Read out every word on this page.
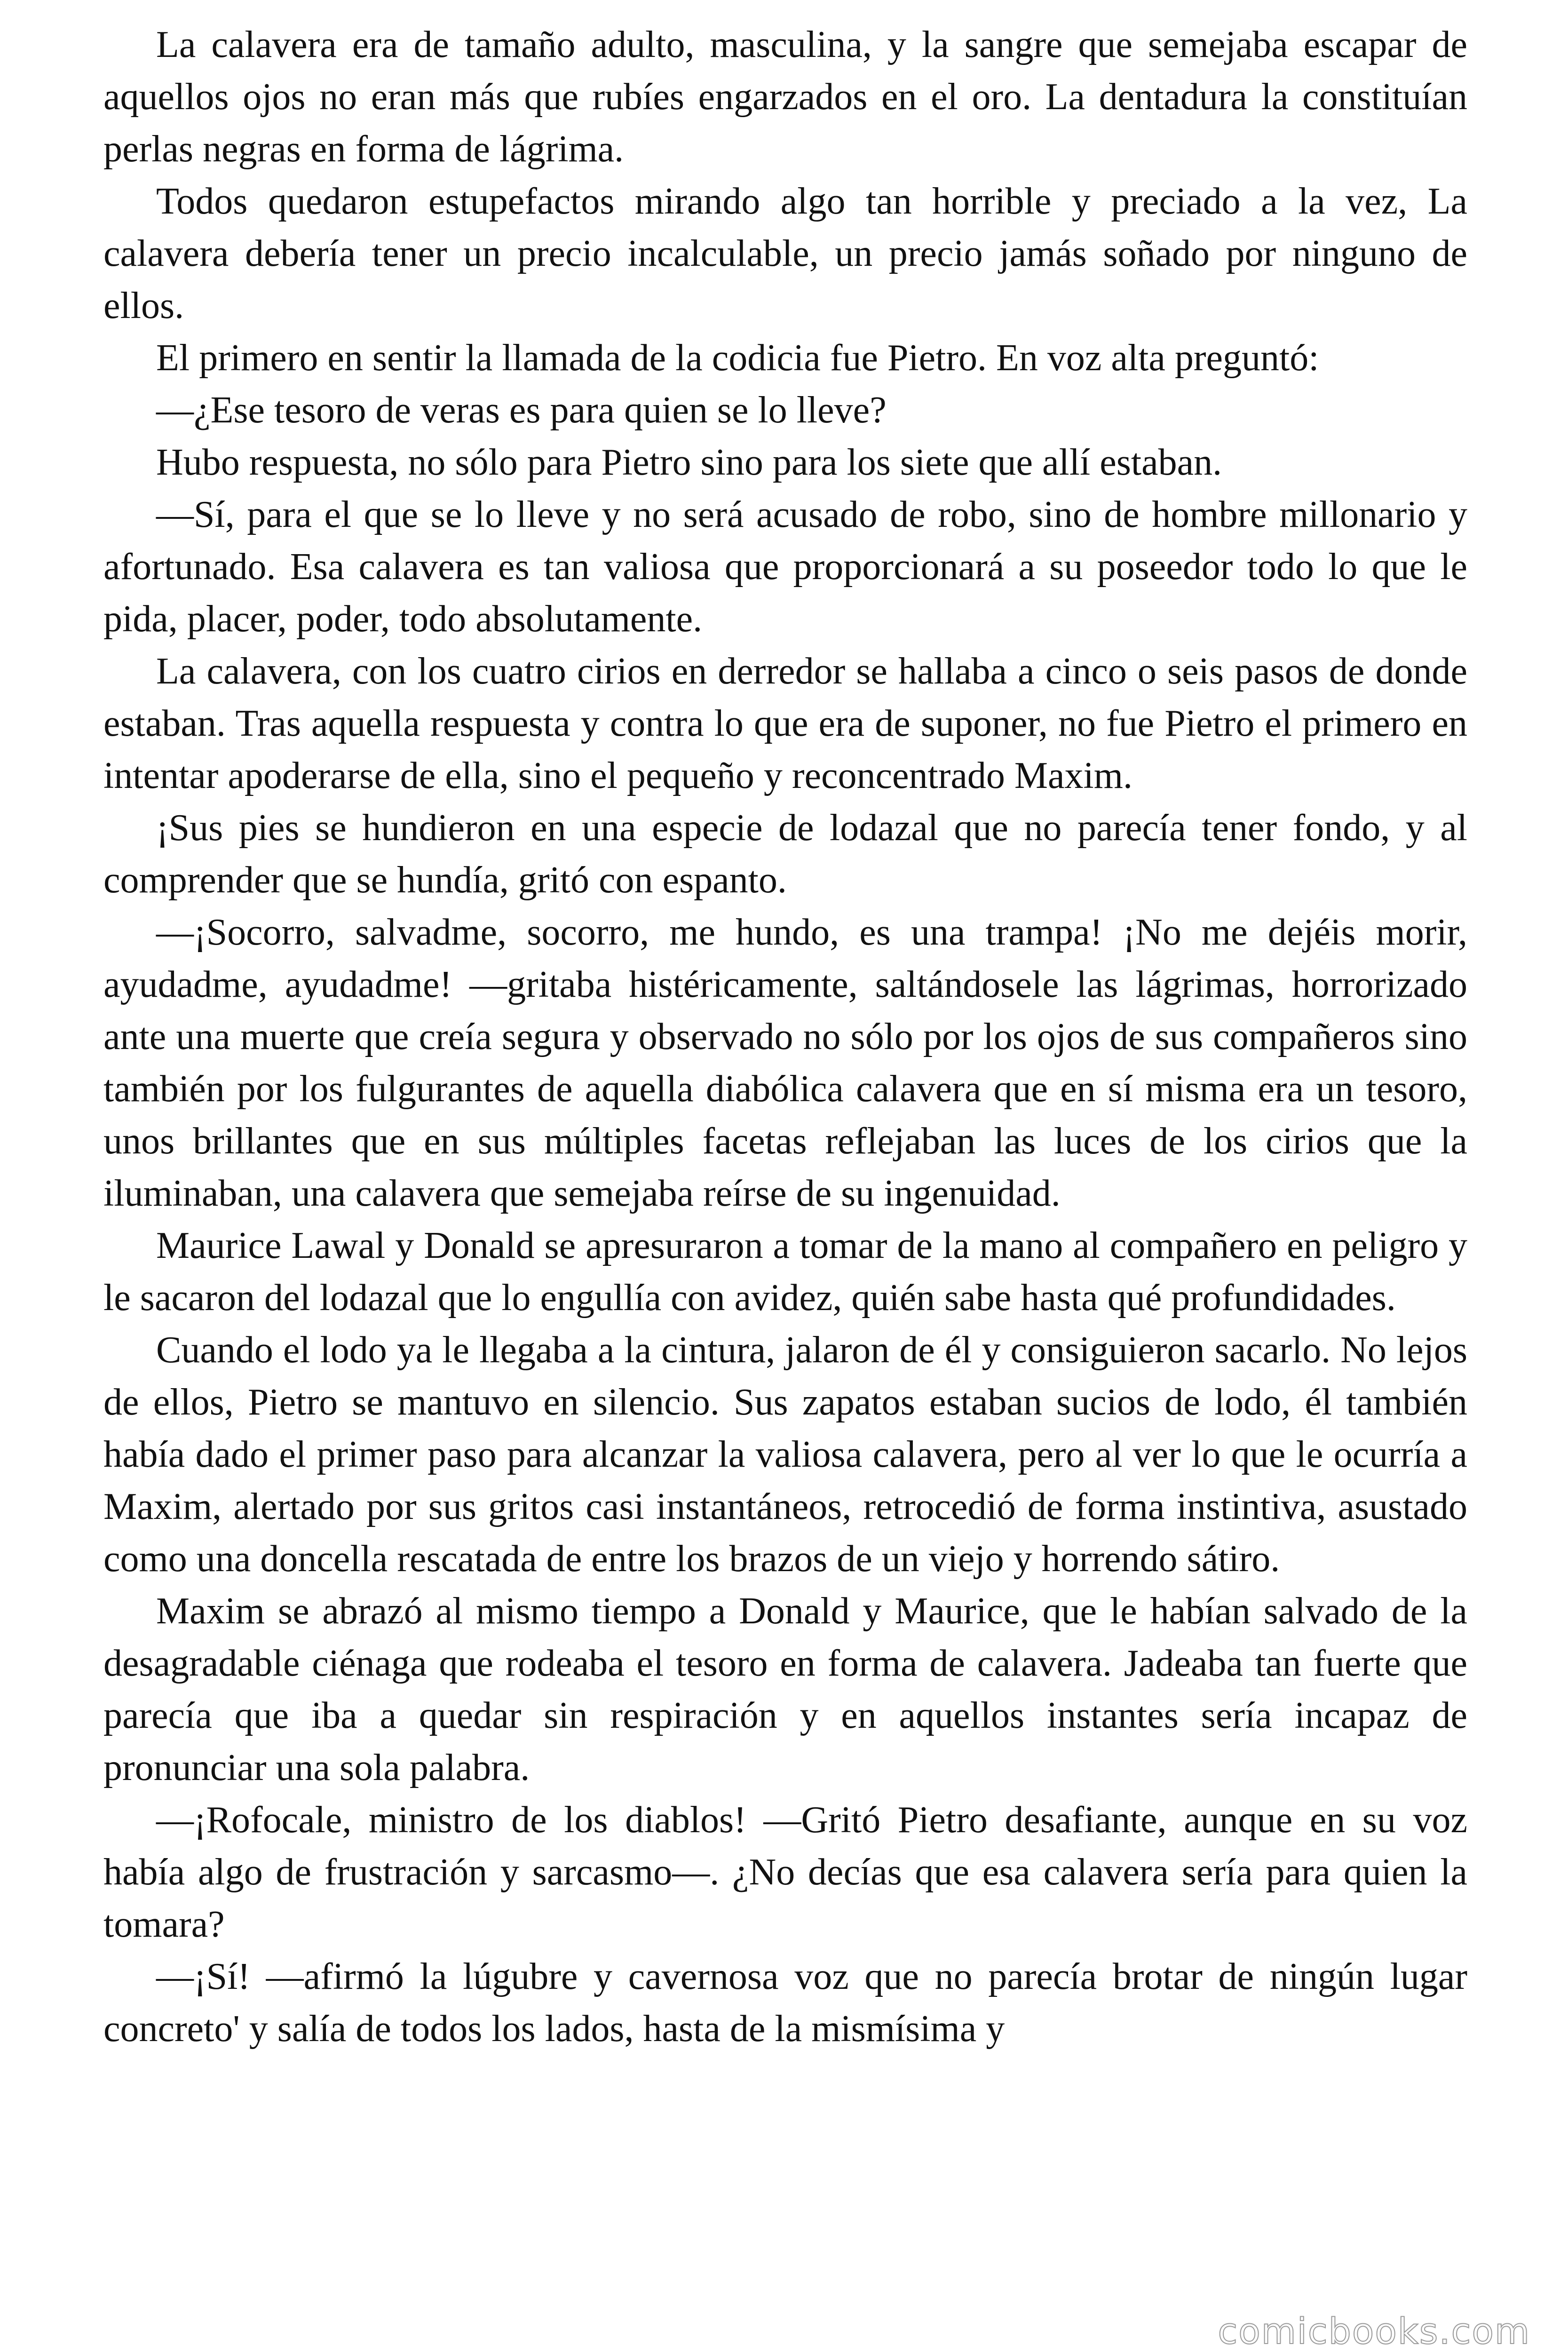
La calavera era de tamaño adulto, masculina, y la sangre que semejaba escapar de aquellos ojos no eran más que rubíes engarzados en el oro. La dentadura la constituían perlas negras en forma de lágrima.

Todos quedaron estupefactos mirando algo tan horrible y preciado a la vez, La calavera debería tener un precio incalculable, un precio jamás soñado por ninguno de ellos.

El primero en sentir la llamada de la codicia fue Pietro. En voz alta preguntó:

—¿Ese tesoro de veras es para quien se lo lleve?

Hubo respuesta, no sólo para Pietro sino para los siete que allí estaban.

—Sí, para el que se lo lleve y no será acusado de robo, sino de hombre millonario y afortunado. Esa calavera es tan valiosa que proporcionará a su poseedor todo lo que le pida, placer, poder, todo absolutamente.

La calavera, con los cuatro cirios en derredor se hallaba a cinco o seis pasos de donde estaban. Tras aquella respuesta y contra lo que era de suponer, no fue Pietro el primero en intentar apoderarse de ella, sino el pequeño y reconcentrado Maxim.

¡Sus pies se hundieron en una especie de lodazal que no parecía tener fondo, y al comprender que se hundía, gritó con espanto.

—¡Socorro, salvadme, socorro, me hundo, es una trampa! ¡No me dejéis morir, ayudadme, ayudadme! —gritaba histéricamente, saltándosele las lágrimas, horrorizado ante una muerte que creía segura y observado no sólo por los ojos de sus compañeros sino también por los fulgurantes de aquella diabólica calavera que en sí misma era un tesoro, unos brillantes que en sus múltiples facetas reflejaban las luces de los cirios que la iluminaban, una calavera que semejaba reírse de su ingenuidad.

Maurice Lawal y Donald se apresuraron a tomar de la mano al compañero en peligro y le sacaron del lodazal que lo engullía con avidez, quién sabe hasta qué profundidades.

Cuando el lodo ya le llegaba a la cintura, jalaron de él y consiguieron sacarlo. No lejos de ellos, Pietro se mantuvo en silencio. Sus zapatos estaban sucios de lodo, él también había dado el primer paso para alcanzar la valiosa calavera, pero al ver lo que le ocurría a Maxim, alertado por sus gritos casi instantáneos, retrocedió de forma instintiva, asustado como una doncella rescatada de entre los brazos de un viejo y horrendo sátiro.

Maxim se abrazó al mismo tiempo a Donald y Maurice, que le habían salvado de la desagradable ciénaga que rodeaba el tesoro en forma de calavera. Jadeaba tan fuerte que parecía que iba a quedar sin respiración y en aquellos instantes sería incapaz de pronunciar una sola palabra.

—¡Rofocale, ministro de los diablos! —Gritó Pietro desafiante, aunque en su voz había algo de frustración y sarcasmo—. ¿No decías que esa calavera sería para quien la tomara?

—¡Sí! —afirmó la lúgubre y cavernosa voz que no parecía brotar de ningún lugar concreto' y salía de todos los lados, hasta de la mismísima y

comicbooks.com
